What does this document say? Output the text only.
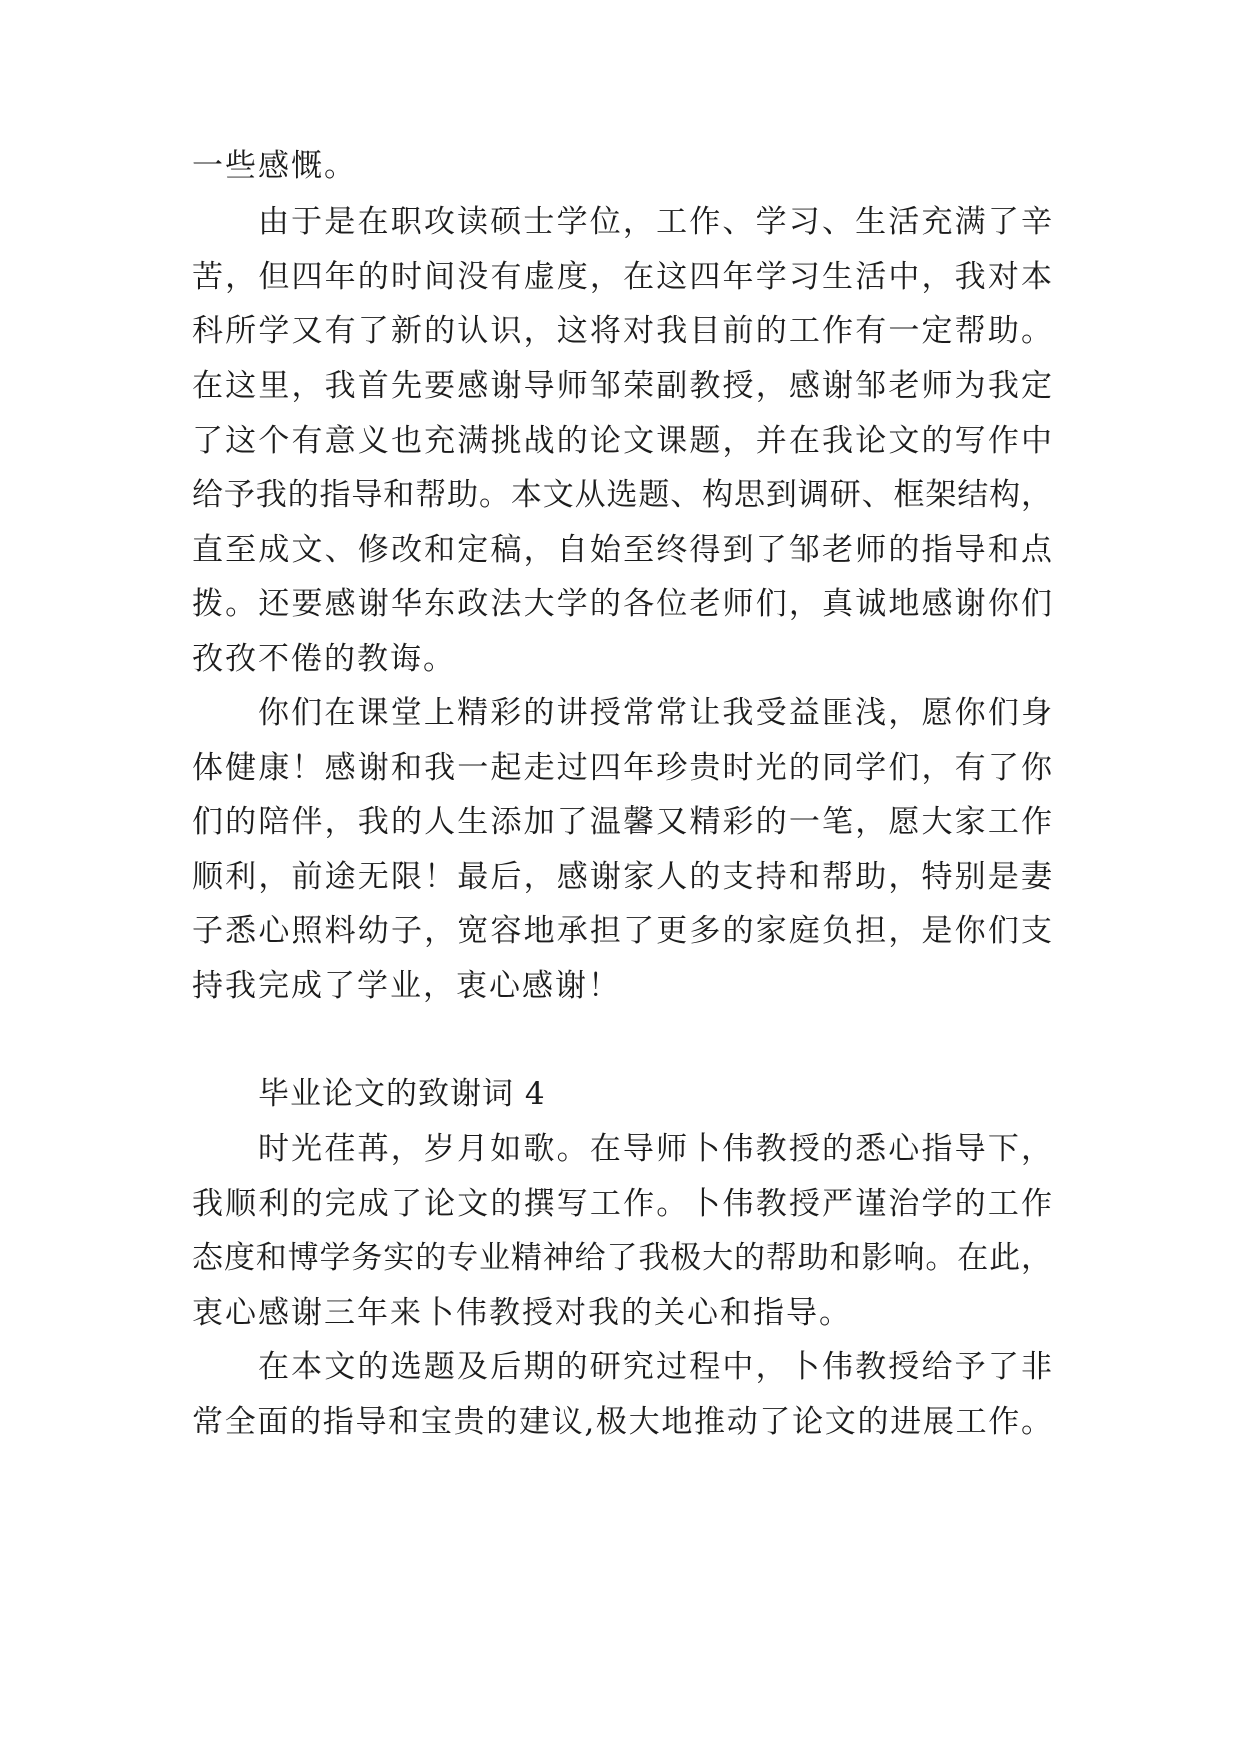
一些感慨。
由于是在职攻读硕士学位，工作、学习、生活充满了辛
苦，但四年的时间没有虚度，在这四年学习生活中，我对本
科所学又有了新的认识，这将对我目前的工作有一定帮助。
在这里，我首先要感谢导师邹荣副教授，感谢邹老师为我定
了这个有意义也充满挑战的论文课题，并在我论文的写作中
给予我的指导和帮助。本文从选题、构思到调研、框架结构，
直至成文、修改和定稿，自始至终得到了邹老师的指导和点
拨。还要感谢华东政法大学的各位老师们，真诚地感谢你们
孜孜不倦的教诲。
你们在课堂上精彩的讲授常常让我受益匪浅，愿你们身
体健康！感谢和我一起走过四年珍贵时光的同学们，有了你
们的陪伴，我的人生添加了温馨又精彩的一笔，愿大家工作
顺利，前途无限！最后，感谢家人的支持和帮助，特别是妻
子悉心照料幼子，宽容地承担了更多的家庭负担，是你们支
持我完成了学业，衷心感谢！
毕业论文的致谢词 4
时光荏苒，岁月如歌。在导师卜伟教授的悉心指导下，
我顺利的完成了论文的撰写工作。卜伟教授严谨治学的工作
态度和博学务实的专业精神给了我极大的帮助和影响。在此，
衷心感谢三年来卜伟教授对我的关心和指导。
在本文的选题及后期的研究过程中，卜伟教授给予了非
常全面的指导和宝贵的建议,极大地推动了论文的进展工作。
